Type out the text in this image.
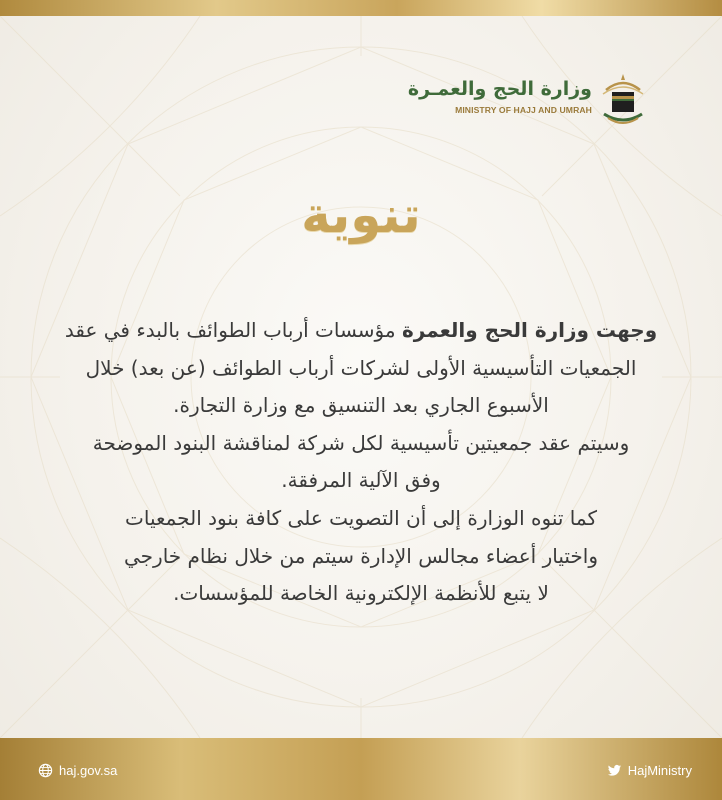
وزارة الحج والعمـرة
MINISTRY OF HAJJ AND UMRAH
تنوية
وجهت وزارة الحج والعمرة مؤسسات أرباب الطوائف بالبدء في عقد
الجمعيات التأسيسية الأولى لشركات أرباب الطوائف (عن بعد) خلال
الأسبوع الجاري بعد التنسيق مع وزارة التجارة.
وسيتم عقد جمعيتين تأسيسية لكل شركة لمناقشة البنود الموضحة
وفق الآلية المرفقة.
كما تنوه الوزارة إلى أن التصويت على كافة بنود الجمعيات
واختيار أعضاء مجالس الإدارة سيتم من خلال نظام خارجي
لا يتبع للأنظمة الإلكترونية الخاصة للمؤسسات.
haj.gov.sa	HajMinistry
